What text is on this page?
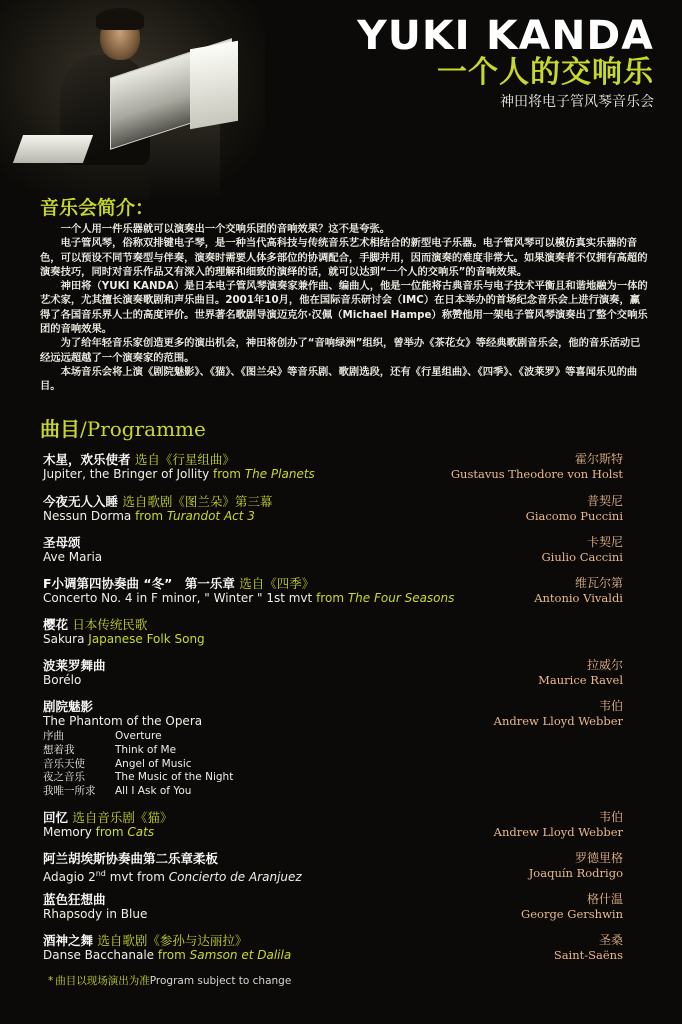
YUKI KANDA
一个人的交响乐
神田将电子管风琴音乐会
音乐会简介：

一个人用一件乐器就可以演奏出一个交响乐团的音响效果？这不是夸张。

电子管风琴，俗称双排键电子琴，是一种当代高科技与传统音乐艺术相结合的新型电子乐器。电子管风琴可以模仿真实乐器的音色，可以预设不同节奏型与伴奏，演奏时需要人体多部位的协调配合，手脚并用，因而演奏的难度非常大。如果演奏者不仅拥有高超的演奏技巧，同时对音乐作品又有深入的理解和细致的演绎的话，就可以达到“一个人的交响乐”的音响效果。

神田将（YUKI KANDA）是日本电子管风琴演奏家兼作曲、编曲人，他是一位能将古典音乐与电子技术平衡且和谐地融为一体的艺术家，尤其擅长演奏歌剧和声乐曲目。2001年10月，他在国际音乐研讨会（IMC）在日本举办的首场纪念音乐会上进行演奏，赢得了各国音乐界人士的高度评价。世界著名歌剧导演迈克尔·汉佩（Michael Hampe）称赞他用一架电子管风琴演奏出了整个交响乐团的音响效果。

为了给年轻音乐家创造更多的演出机会，神田将创办了“音响绿洲”组织，曾举办《茶花女》等经典歌剧音乐会，他的音乐活动已经远远超越了一个演奏家的范围。

本场音乐会将上演《剧院魅影》、《猫》、《图兰朵》等音乐剧、歌剧选段，还有《行星组曲》、《四季》、《波莱罗》等喜闻乐见的曲目。

曲目/Programme
木星，欢乐使者 选自《行星组曲》
Jupiter, the Bringer of Jollity from The Planets
霍尔斯特
Gustavus Theodore von Holst
今夜无人入睡 选自歌剧《图兰朵》第三幕
Nessun Dorma from Turandot Act 3
普契尼
Giacomo Puccini
圣母颂
Ave Maria
卡契尼
Giulio Caccini
F小调第四协奏曲 “冬”　第一乐章 选自《四季》
Concerto No. 4 in F minor, " Winter " 1st mvt from The Four Seasons
维瓦尔第
Antonio Vivaldi
樱花 日本传统民歌
Sakura Japanese Folk Song
波莱罗舞曲
Borélo
拉威尔
Maurice Ravel
剧院魅影
The Phantom of the Opera
序曲	Overture
想着我	Think of Me
音乐天使	Angel of Music
夜之音乐	The Music of the Night
我唯一所求	All I Ask of You
韦伯
Andrew Lloyd Webber
回忆 选自音乐剧《猫》
Memory from Cats
韦伯
Andrew Lloyd Webber
阿兰胡埃斯协奏曲第二乐章柔板
Adagio 2nd mvt from Concierto de Aranjuez
罗德里格
Joaquín Rodrigo
蓝色狂想曲
Rhapsody in Blue
格什温
George Gershwin
酒神之舞 选自歌剧《参孙与达丽拉》
Danse Bacchanale from Samson et Dalila
圣桑
Saint-Saëns
* 曲目以现场演出为准Program subject to change
